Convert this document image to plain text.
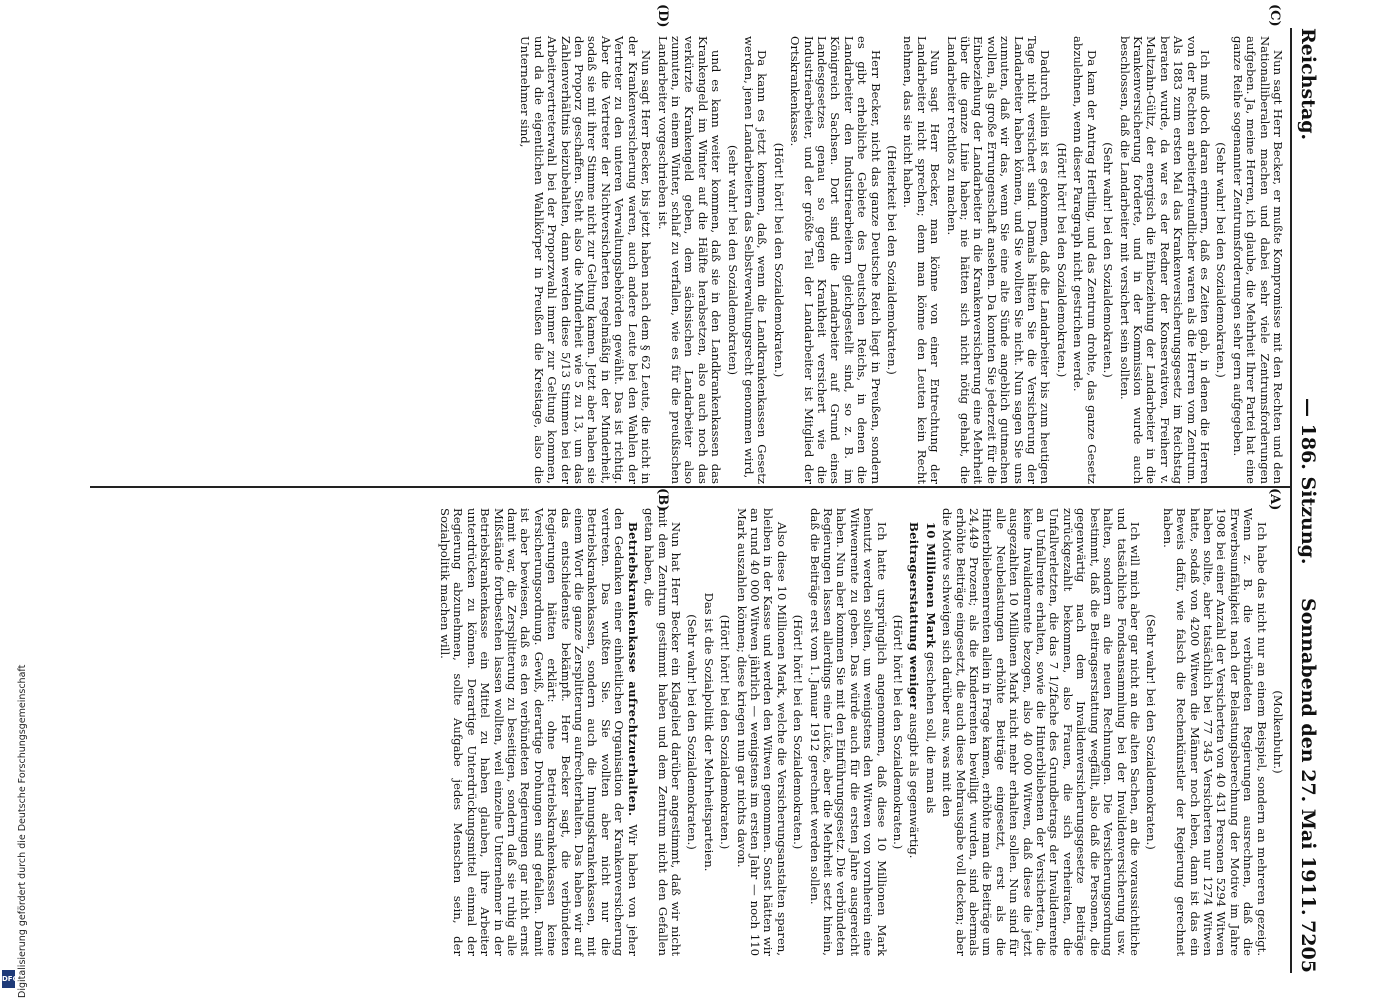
Reichstag.
— 186. Sitzung.
Sonnabend den 27. Mai 1911.
7205

Nun sagt Herr Becker, er mußte Kompromisse mit den Rechten und den Nationalliberalen machen und dabei sehr viele Zentrumsforderungen aufgeben. Ja, meine Herren, ich glaube, die Mehrheit Ihrer Partei hat eine ganze Reihe sogenannter Zentrumsforderungen sehr gern aufgegeben.

(Sehr wahr! bei den Sozialdemokraten.)

Ich muß doch daran erinnern, daß es Zeiten gab, in denen die Herren von der Rechten arbeiterfreundlicher waren als die Herren vom Zentrum. Als 1883 zum ersten Mal das Krankenversicherungsgesetz im Reichstag beraten wurde, da war es der Redner der Konservativen, Freiherr v. Maltzahn-Gültz, der energisch die Einbeziehung der Landarbeiter in die Krankenversicherung forderte, und in der Kommission wurde auch beschlossen, daß die Landarbeiter mit versichert sein sollten.

(Sehr wahr! bei den Sozialdemokraten.)

Da kam der Antrag Hertling, und das Zentrum drohte, das ganze Gesetz abzulehnen, wenn dieser Paragraph nicht gestrichen werde.

(Hört! hört! bei den Sozialdemokraten.)

Dadurch allein ist es gekommen, daß die Landarbeiter bis zum heutigen Tage nicht versichert sind. Damals hätten Sie die Versicherung der Landarbeiter haben können, und Sie wollten Sie nicht. Nun sagen Sie uns zumuten, daß wir das, wenn Sie eine alte Sünde angeblich gutmachen wollen, als große Errungenschaft ansehen. Da konnten Sie jederzeit für die Einbeziehung der Landarbeiter in die Krankenversicherung eine Mehrheit über die ganze Linie haben; nie hätten sich nicht nötig gehabt, die Landarbeiter rechtlos zu machen.

Nun sagt Herr Becker, man könne von einer Entrechtung der Landarbeiter nicht sprechen; denn man könne den Leuten kein Recht nehmen, das sie nicht haben.

(Heiterkeit bei den Sozialdemokraten.)

Herr Becker, nicht das ganze Deutsche Reich liegt in Preußen, sondern es gibt erhebliche Gebiete des Deutschen Reichs, in denen die Landarbeiter den Industriearbeitern gleichgestellt sind, so z. B. im Königreich Sachsen. Dort sind die Landarbeiter auf Grund eines Landesgesetzes genau so gegen Krankheit versichert wie die Industriearbeiter, und der größte Teil der Landarbeiter ist Mitglied der Ortskrankenkasse.

(Hört! hört! bei den Sozialdemokraten.)

Da kann es jetzt kommen, daß, wenn die Landkrankenkassen Gesetz werden, jenen Landarbeitern das Selbstverwaltungsrecht genommen wird,

(sehr wahr! bei den Sozialdemokraten)

und es kann weiter kommen, daß sie in den Landkrankenkassen das Krankengeld im Winter auf die Hälfte herabsetzen, also auch noch das verkürzte Krankengeld geben, dem sächsischen Landarbeiter also zumuten, in einem Winter, schlaf zu verfallen, wie es für die preußischen Landarbeiter vorgeschrieben ist.

Nun sagt Herr Becker, bis jetzt haben nach dem § 62 Leute, die nicht in der Krankenversicherung waren, auch andere Leute bei den Wahlen der Vertreter zu den unteren Verwaltungsbehörden gewählt. Das ist richtig. Aber die Vertreter der Nichtversicherten regelmäßig in der Minderheit, sodaß sie mit ihrer Stimme nicht zur Geltung kamen. Jetzt aber haben sie den Proporz geschaffen. Steht also die Minderheit wie 5 zu 13, um das Zahlenverhältnis beizubehalten, dann werden diese 5/13 Stimmen bei der Arbeitervertreterwahl bei der Proporzwahl immer zur Geltung kommen, und da die eigentlichen Wahlkörper in Preußen die Kreistage, also die Unternehmer sind,

(Molkenbuhr.)

Ich habe das nicht nur an einem Beispiel, sondern an mehreren gezeigt. Wenn z. B. die verbündeten Regierungen ausrechnen, daß die Erwerbsunfähigkeit nach der Belastungsberechnung der Motive im Jahre 1908 bei einer Anzahl der Versicherten von 40 431 Personen 5294 Witwen haben sollte, aber tatsächlich bei 77 345 Versicherten nur 1274 Witwen hatte, sodaß von 4200 Witwen die Männer noch leben, dann ist das ein Beweis dafür, wie falsch die Rechenkünstler der Regierung gerechnet haben.

(Sehr wahr! bei den Sozialdemokraten.)

Ich will mich aber gar nicht an die alten Sachen, an die voraussichtliche und tatsächliche Fondsansammlung bei der Invalidenversicherung usw. halten, sondern an die neuen Rechnungen. Die Versicherungsordnung bestimmt, daß die Beitragserstattung wegfällt, also daß die Personen, die gegenwärtig nach dem Invalidenversicherungsgesetze Beiträge zurückgezahlt bekommen, also Frauen, die sich verheiraten, die Unfallverletzten, die das 7 1/2fache des Grundbetrags der Invalidenrente an Unfallrente erhalten, sowie die Hinterbliebenen der Versicherten, die keine Invalidenrente bezogen, also 40 000 Witwen, daß diese die jetzt ausgezahlten 10 Millionen Mark nicht mehr erhalten sollen. Nun sind für alle Neubelastungen erhöhte Beiträge eingesetzt, erst als die Hinterbliebenenrenten allein in Frage kamen, erhöhte man die Beiträge um 24,449 Prozent; als die Kinderrenten bewilligt wurden, sind abermals erhöhte Beiträge eingesetzt, die auch diese Mehrausgabe voll decken; aber die Motive schweigen sich darüber aus, was mit den

10 Millionen Mark geschehen soll, die man als

Beitragserstattung weniger ausgibt als gegenwärtig.

(Hört! hört! bei den Sozialdemokraten.)

Ich hatte ursprünglich angenommen, daß diese 10 Millionen Mark benutzt werden sollten, um wenigstens den Witwen von vornherein eine Witwenrente zu geben. Das würde auch für die ersten Jahre ausgereicht haben. Nun aber kommen Sie mit den Einführungsgesetz. Die verbündeten Regierungen lassen allerdings eine Lücke, aber die Mehrheit setzt hinein, daß die Beiträge erst vom 1. Januar 1912 gerechnet werden sollen.

(Hört! hört! bei den Sozialdemokraten.)

Also diese 10 Millionen Mark, welche die Versicherungsanstalten sparen, bleiben in der Kasse und werden den Witwen genommen. Sonst hätten wir an rund 40 000 Witwen jährlich — wenigstens im ersten Jahr — noch 110 Mark auszahlen können; diese kriegen nun gar nichts davon.

(Hört! hört! bei den Sozialdemokraten.)

Das ist die Sozialpolitik der Mehrheitsparteien.

(Sehr wahr! bei den Sozialdemokraten.)

Nun hat Herr Becker ein Klagelied darüber angestimmt, daß wir nicht mit dem Zentrum gestimmt haben und dem Zentrum nicht den Gefallen getan haben, die

Betriebskrankenkasse aufrechtzuerhalten. Wir haben von jeher den Gedanken einer einheitlichen Organisation der Krankenversicherung vertreten. Das wußten Sie. Sie wollten aber nicht nur die Betriebskrankenkassen, sondern auch die Innungskrankenkassen, mit einem Wort die ganze Zersplitterung aufrechterhalten. Das haben wir auf das entschiedenste bekämpft. Herr Becker sagt, die verbündeten Regierungen hätten erklärt: ohne Betriebskrankenkassen keine Versicherungsordnung. Gewiß, derartige Drohungen sind gefallen. Damit ist aber bewiesen, daß es den verbündeten Regierungen gar nicht ernst damit war, die Zersplitterung zu beseitigen, sondern daß sie ruhig alle Mißstände fortbestehen lassen wollten, weil einzelne Unternehmer in der Betriebskrankenkasse ein Mittel zu haben glauben, ihre Arbeiter unterdrücken zu können. Derartige Unterdrückungsmittel einmal der Regierung abzunehmen, sollte Aufgabe jedes Menschen sein, der Sozialpolitik machen will.

(A)
(C)
(B)
(D)
Digitalisierung gefördert durch die Deutsche Forschungsgemeinschaft
DFG
